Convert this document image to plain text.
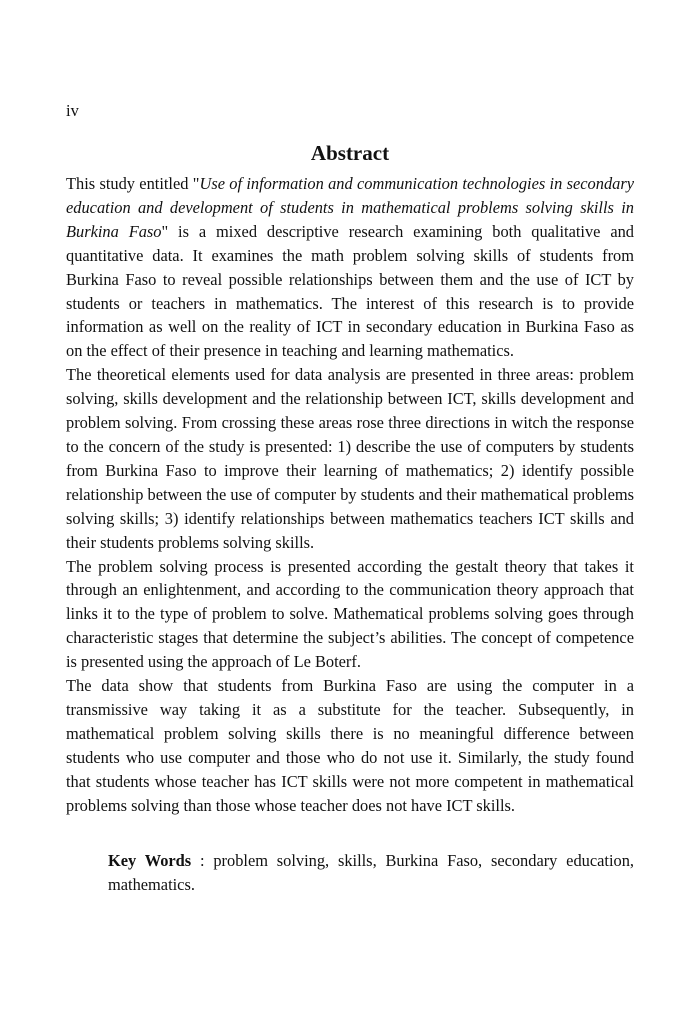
iv
Abstract

This study entitled "Use of information and communication technologies in secondary education and development of students in mathematical problems solving skills in Burkina Faso" is a mixed descriptive research examining both qualitative and quantitative data. It examines the math problem solving skills of students from Burkina Faso to reveal possible relationships between them and the use of ICT by students or teachers in mathematics. The interest of this research is to provide information as well on the reality of ICT in secondary education in Burkina Faso as on the effect of their presence in teaching and learning mathematics.

The theoretical elements used for data analysis are presented in three areas: problem solving, skills development and the relationship between ICT, skills development and problem solving. From crossing these areas rose three directions in witch the response to the concern of the study is presented: 1) describe the use of computers by students from Burkina Faso to improve their learning of mathematics; 2) identify possible relationship between the use of computer by students and their mathematical problems solving skills; 3) identify relationships between mathematics teachers ICT skills and their students problems solving skills.

The problem solving process is presented according the gestalt theory that takes it through an enlightenment, and according to the communication theory approach that links it to the type of problem to solve. Mathematical problems solving goes through characteristic stages that determine the subject’s abilities. The concept of competence is presented using the approach of Le Boterf.

The data show that students from Burkina Faso are using the computer in a transmissive way taking it as a substitute for the teacher. Subsequently, in mathematical problem solving skills there is no meaningful difference between students who use computer and those who do not use it. Similarly, the study found that students whose teacher has ICT skills were not more competent in mathematical problems solving than those whose teacher does not have ICT skills.

Key Words : problem solving, skills, Burkina Faso, secondary education, mathematics.
